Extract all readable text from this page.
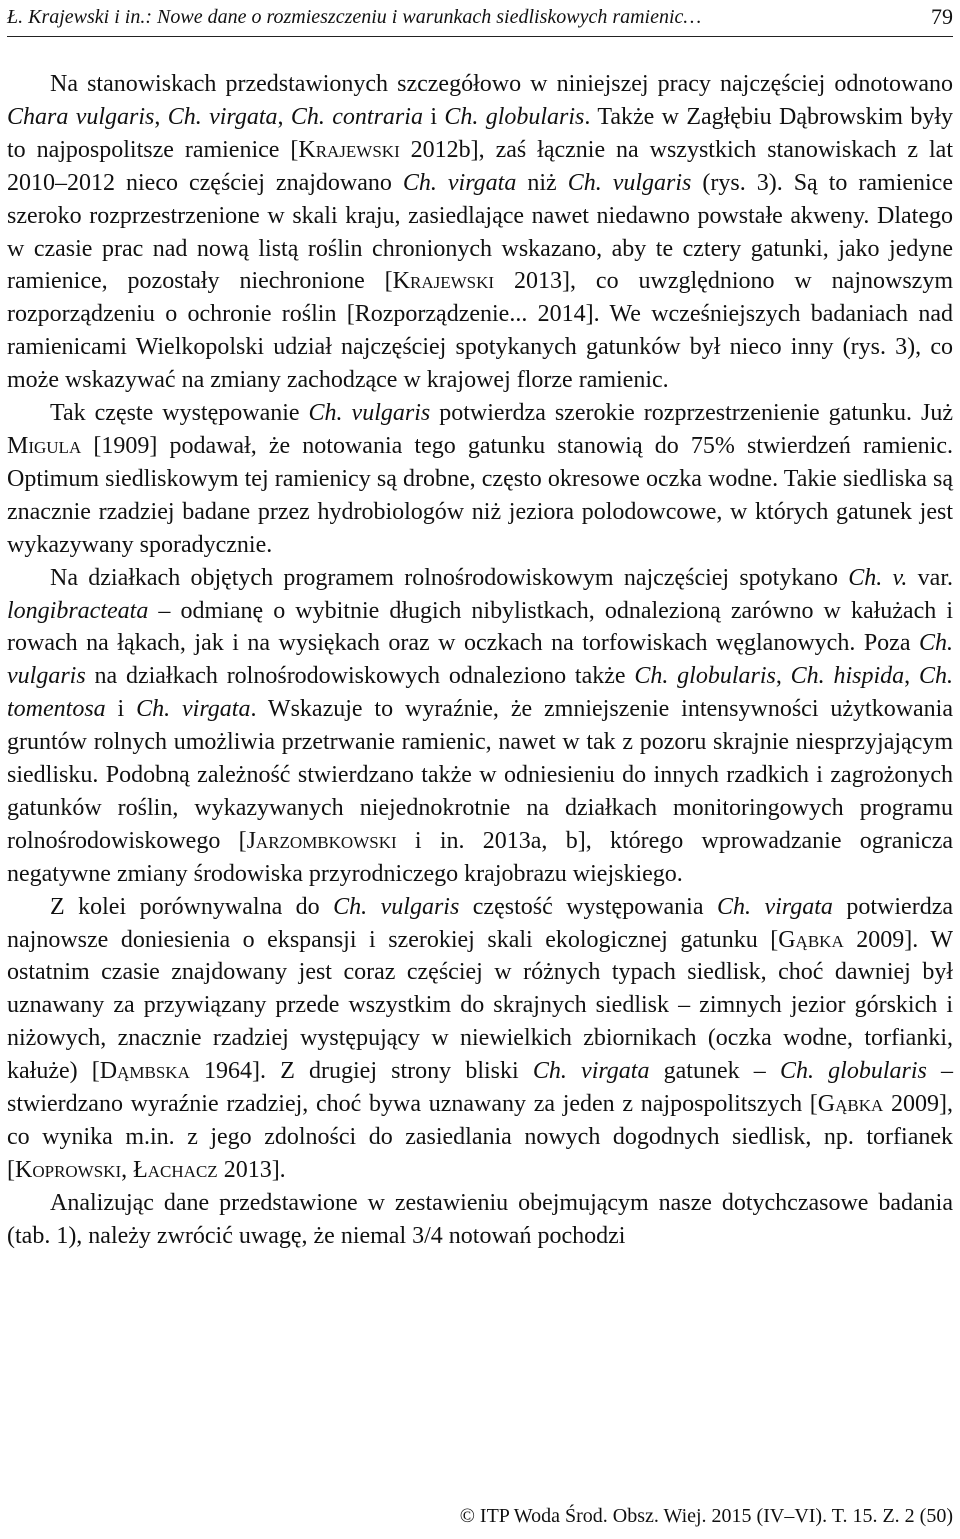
Ł. Krajewski i in.: Nowe dane o rozmieszczeniu i warunkach siedliskowych ramienic…	79

Na stanowiskach przedstawionych szczegółowo w niniejszej pracy najczęściej odnotowano Chara vulgaris, Ch. virgata, Ch. contraria i Ch. globularis. Także w Zagłębiu Dąbrowskim były to najpospolitsze ramienice [Krajewski 2012b], zaś łącznie na wszystkich stanowiskach z lat 2010–2012 nieco częściej znajdowano Ch. virgata niż Ch. vulgaris (rys. 3). Są to ramienice szeroko rozprzestrzenione w skali kraju, zasiedlające nawet niedawno powstałe akweny. Dlatego w czasie prac nad nową listą roślin chronionych wskazano, aby te cztery gatunki, jako jedyne ramienice, pozostały niechronione [Krajewski 2013], co uwzględniono w najnowszym rozporządzeniu o ochronie roślin [Rozporządzenie... 2014]. We wcześniejszych badaniach nad ramienicami Wielkopolski udział najczęściej spotykanych gatunków był nieco inny (rys. 3), co może wskazywać na zmiany zachodzące w krajowej florze ramienic.

Tak częste występowanie Ch. vulgaris potwierdza szerokie rozprzestrzenienie gatunku. Już Migula [1909] podawał, że notowania tego gatunku stanowią do 75% stwierdzeń ramienic. Optimum siedliskowym tej ramienicy są drobne, często okresowe oczka wodne. Takie siedliska są znacznie rzadziej badane przez hydrobiologów niż jeziora polodowcowe, w których gatunek jest wykazywany sporadycznie.

Na działkach objętych programem rolnośrodowiskowym najczęściej spotykano Ch. v. var. longibracteata – odmianę o wybitnie długich nibylistkach, odnalezioną zarówno w kałużach i rowach na łąkach, jak i na wysiękach oraz w oczkach na torfowiskach węglanowych. Poza Ch. vulgaris na działkach rolnośrodowiskowych odnaleziono także Ch. globularis, Ch. hispida, Ch. tomentosa i Ch. virgata. Wskazuje to wyraźnie, że zmniejszenie intensywności użytkowania gruntów rolnych umożliwia przetrwanie ramienic, nawet w tak z pozoru skrajnie niesprzyjającym siedlisku. Podobną zależność stwierdzano także w odniesieniu do innych rzadkich i zagrożonych gatunków roślin, wykazywanych niejednokrotnie na działkach monitoringowych programu rolnośrodowiskowego [Jarzombkowski i in. 2013a, b], którego wprowadzanie ogranicza negatywne zmiany środowiska przyrodniczego krajobrazu wiejskiego.

Z kolei porównywalna do Ch. vulgaris częstość występowania Ch. virgata potwierdza najnowsze doniesienia o ekspansji i szerokiej skali ekologicznej gatunku [Gąbka 2009]. W ostatnim czasie znajdowany jest coraz częściej w różnych typach siedlisk, choć dawniej był uznawany za przywiązany przede wszystkim do skrajnych siedlisk – zimnych jezior górskich i niżowych, znacznie rzadziej występujący w niewielkich zbiornikach (oczka wodne, torfianki, kałuże) [Dąmbska 1964]. Z drugiej strony bliski Ch. virgata gatunek – Ch. globularis – stwierdzano wyraźnie rzadziej, choć bywa uznawany za jeden z najpospolitszych [Gąbka 2009], co wynika m.in. z jego zdolności do zasiedlania nowych dogodnych siedlisk, np. torfianek [Koprowski, Łachacz 2013].

Analizując dane przedstawione w zestawieniu obejmującym nasze dotychczasowe badania (tab. 1), należy zwrócić uwagę, że niemal 3/4 notowań pochodzi

© ITP Woda Środ. Obsz. Wiej. 2015 (IV–VI). T. 15. Z. 2 (50)
